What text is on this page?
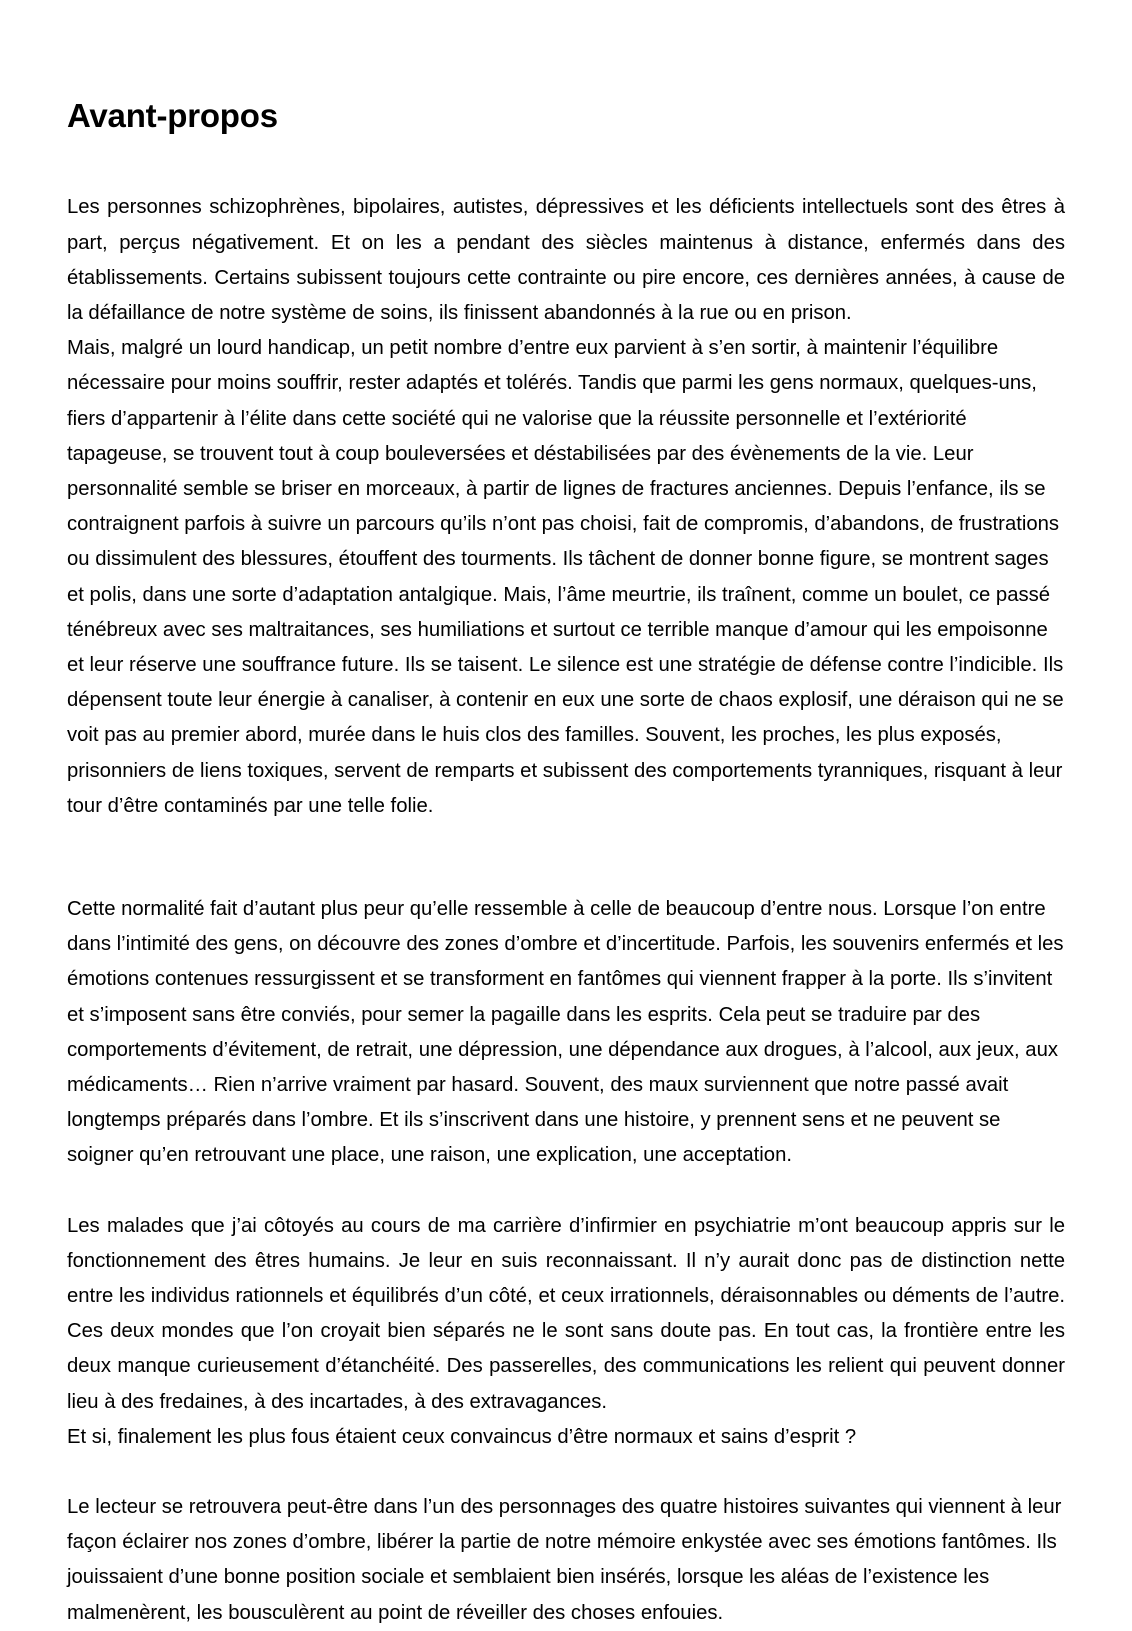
Avant-propos

Les personnes schizophrènes, bipolaires, autistes, dépressives et les déficients intellectuels sont des êtres à part, perçus négativement. Et on les a pendant des siècles maintenus à distance, enfermés dans des établissements. Certains subissent toujours cette contrainte ou pire encore, ces dernières années, à cause de la défaillance de notre système de soins, ils finissent abandonnés à la rue ou en prison.

Mais, malgré un lourd handicap, un petit nombre d’entre eux parvient à s’en sortir, à maintenir l’équilibre nécessaire pour moins souffrir, rester adaptés et tolérés. Tandis que parmi les gens normaux, quelques-uns, fiers d’appartenir à l’élite dans cette société qui ne valorise que la réussite personnelle et l’extériorité tapageuse, se trouvent tout à coup bouleversées et déstabilisées par des évènements de la vie. Leur personnalité semble se briser en morceaux, à partir de lignes de fractures anciennes. Depuis l’enfance, ils se contraignent parfois à suivre un parcours qu’ils n’ont pas choisi, fait de compromis, d’abandons, de frustrations ou dissimulent des blessures, étouffent des tourments. Ils tâchent de donner bonne figure, se montrent sages et polis, dans une sorte d’adaptation antalgique. Mais, l’âme meurtrie, ils traînent, comme un boulet, ce passé ténébreux avec ses maltraitances, ses humiliations et surtout ce terrible manque d’amour qui les empoisonne et leur réserve une souffrance future. Ils se taisent. Le silence est une stratégie de défense contre l’indicible. Ils dépensent toute leur énergie à canaliser, à contenir en eux une sorte de chaos explosif, une déraison qui ne se voit pas au premier abord, murée dans le huis clos des familles. Souvent, les proches, les plus exposés, prisonniers de liens toxiques, servent de remparts et subissent des comportements tyranniques, risquant à leur tour d’être contaminés par une telle folie.

Cette normalité fait d’autant plus peur qu’elle ressemble à celle de beaucoup d’entre nous. Lorsque l’on entre dans l’intimité des gens, on découvre des zones d’ombre et d’incertitude. Parfois, les souvenirs enfermés et les émotions contenues ressurgissent et se transforment en fantômes qui viennent frapper à la porte. Ils s’invitent et s’imposent sans être conviés, pour semer la pagaille dans les esprits. Cela peut se traduire par des comportements d’évitement, de retrait, une dépression, une dépendance aux drogues, à l’alcool, aux jeux, aux médicaments… Rien n’arrive vraiment par hasard. Souvent, des maux surviennent que notre passé avait longtemps préparés dans l’ombre. Et ils s’inscrivent dans une histoire, y prennent sens et ne peuvent se soigner qu’en retrouvant une place, une raison, une explication, une acceptation.

Les malades que j’ai côtoyés au cours de ma carrière d’infirmier en psychiatrie m’ont beaucoup appris sur le fonctionnement des êtres humains. Je leur en suis reconnaissant. Il n’y aurait donc pas de distinction nette entre les individus rationnels et équilibrés d’un côté, et ceux irrationnels, déraisonnables ou déments de l’autre. Ces deux mondes que l’on croyait bien séparés ne le sont sans doute pas. En tout cas, la frontière entre les deux manque curieusement d’étanchéité. Des passerelles, des communications les relient qui peuvent donner lieu à des fredaines, à des incartades, à des extravagances.

Et si, finalement les plus fous étaient ceux convaincus d’être normaux et sains d’esprit ?

Le lecteur se retrouvera peut-être dans l’un des personnages des quatre histoires suivantes qui viennent à leur façon éclairer nos zones d’ombre, libérer la partie de notre mémoire enkystée avec ses émotions fantômes. Ils jouissaient d’une bonne position sociale et semblaient bien insérés, lorsque les aléas de l’existence les malmenèrent, les bousculèrent au point de réveiller des choses enfouies.
